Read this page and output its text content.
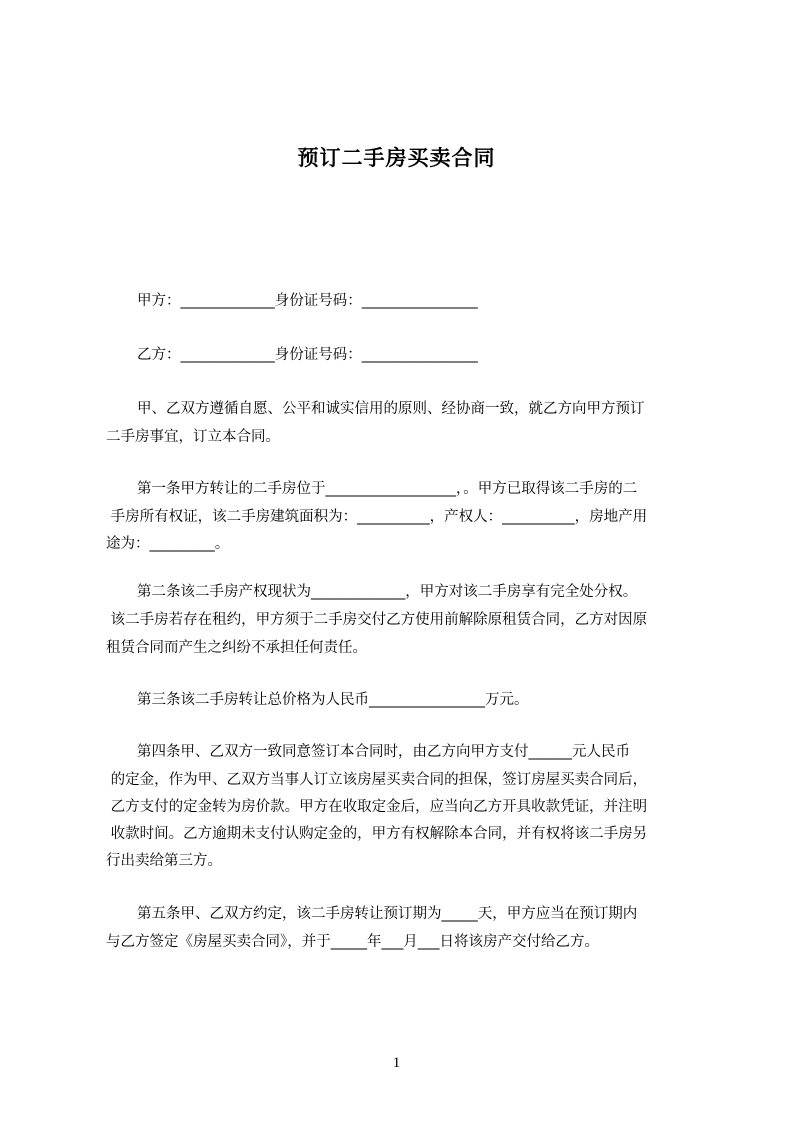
预订二手房买卖合同
甲方：_____________身份证号码：________________
乙方：_____________身份证号码：________________
甲、乙双方遵循自愿、公平和诚实信用的原则、经协商一致，就乙方向甲方预订
二手房事宜，订立本合同。
第一条甲方转让的二手房位于__________________，。甲方已取得该二手房的二
手房所有权证，该二手房建筑面积为：__________，产权人：__________，房地产用
途为：_________。
第二条该二手房产权现状为_____________，甲方对该二手房享有完全处分权。
该二手房若存在租约，甲方须于二手房交付乙方使用前解除原租赁合同，乙方对因原
租赁合同而产生之纠纷不承担任何责任。
第三条该二手房转让总价格为人民币________________万元。
第四条甲、乙双方一致同意签订本合同时，由乙方向甲方支付______元人民币
的定金，作为甲、乙双方当事人订立该房屋买卖合同的担保，签订房屋买卖合同后，
乙方支付的定金转为房价款。甲方在收取定金后，应当向乙方开具收款凭证，并注明
收款时间。乙方逾期未支付认购定金的，甲方有权解除本合同，并有权将该二手房另
行出卖给第三方。
第五条甲、乙双方约定，该二手房转让预订期为_____天，甲方应当在预订期内
与乙方签定《房屋买卖合同》，并于_____年___月___日将该房产交付给乙方。
1
